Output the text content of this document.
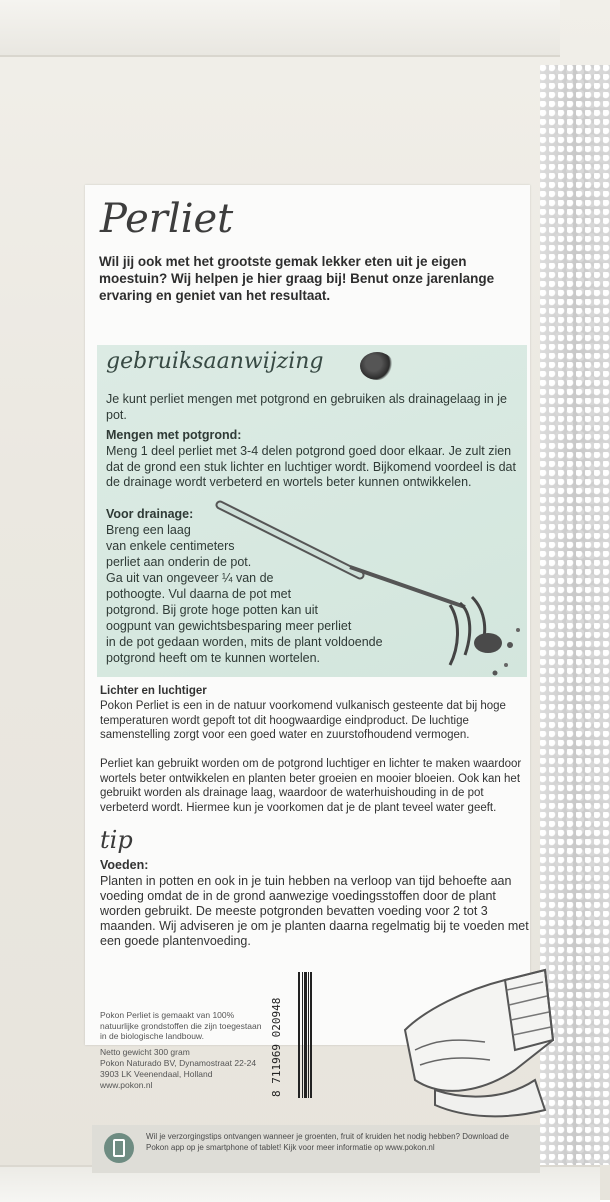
Perliet

Wil jij ook met het grootste gemak lekker eten uit je eigen moestuin? Wij helpen je hier graag bij! Benut onze jarenlange ervaring en geniet van het resultaat.

gebruiksaanwijzing

Je kunt perliet mengen met potgrond en gebruiken als drainagelaag in je pot.

Mengen met potgrond:

Meng 1 deel perliet met 3-4 delen potgrond goed door elkaar. Je zult zien dat de grond een stuk lichter en luchtiger wordt. Bijkomend voordeel is dat de drainage wordt verbeterd en wortels beter kunnen ontwikkelen.

Voor drainage:

Breng een laag

van enkele centimeters

perliet aan onderin de pot.

Ga uit van ongeveer ¼ van de

pothoogte. Vul daarna de pot met

potgrond. Bij grote hoge potten kan uit

oogpunt van gewichtsbesparing meer perliet

in de pot gedaan worden, mits de plant voldoende

potgrond heeft om te kunnen wortelen.

Lichter en luchtiger

Pokon Perliet is een in de natuur voorkomend vulkanisch gesteente dat bij hoge temperaturen wordt gepoft tot dit hoogwaardige eindproduct. De luchtige samenstelling zorgt voor een goed water en zuurstofhoudend vermogen.

Perliet kan gebruikt worden om de potgrond luchtiger en lichter te maken waardoor wortels beter ontwikkelen en planten beter groeien en mooier bloeien. Ook kan het gebruikt worden als drainage laag, waardoor de waterhuishouding in de pot verbeterd wordt. Hiermee kun je voorkomen dat je de plant teveel water geeft.

tip

Voeden:

Planten in potten en ook in je tuin hebben na verloop van tijd behoefte aan voeding omdat de in de grond aanwezige voedingsstoffen door de plant worden gebruikt. De meeste potgronden bevatten voeding voor 2 tot 3 maanden. Wij adviseren je om je planten daarna regelmatig bij te voeden met een goede plantenvoeding.

8 711969 020948

Pokon Perliet is gemaakt van 100% natuurlijke grondstoffen die zijn toegestaan in de biologische landbouw.

Netto gewicht 300 gram

Pokon Naturado BV, Dynamostraat 22-24

3903 LK Veenendaal, Holland

www.pokon.nl

Wil je verzorgingstips ontvangen wanneer je groenten, fruit of kruiden het nodig hebben? Download de Pokon app op je smartphone of tablet! Kijk voor meer informatie op www.pokon.nl
